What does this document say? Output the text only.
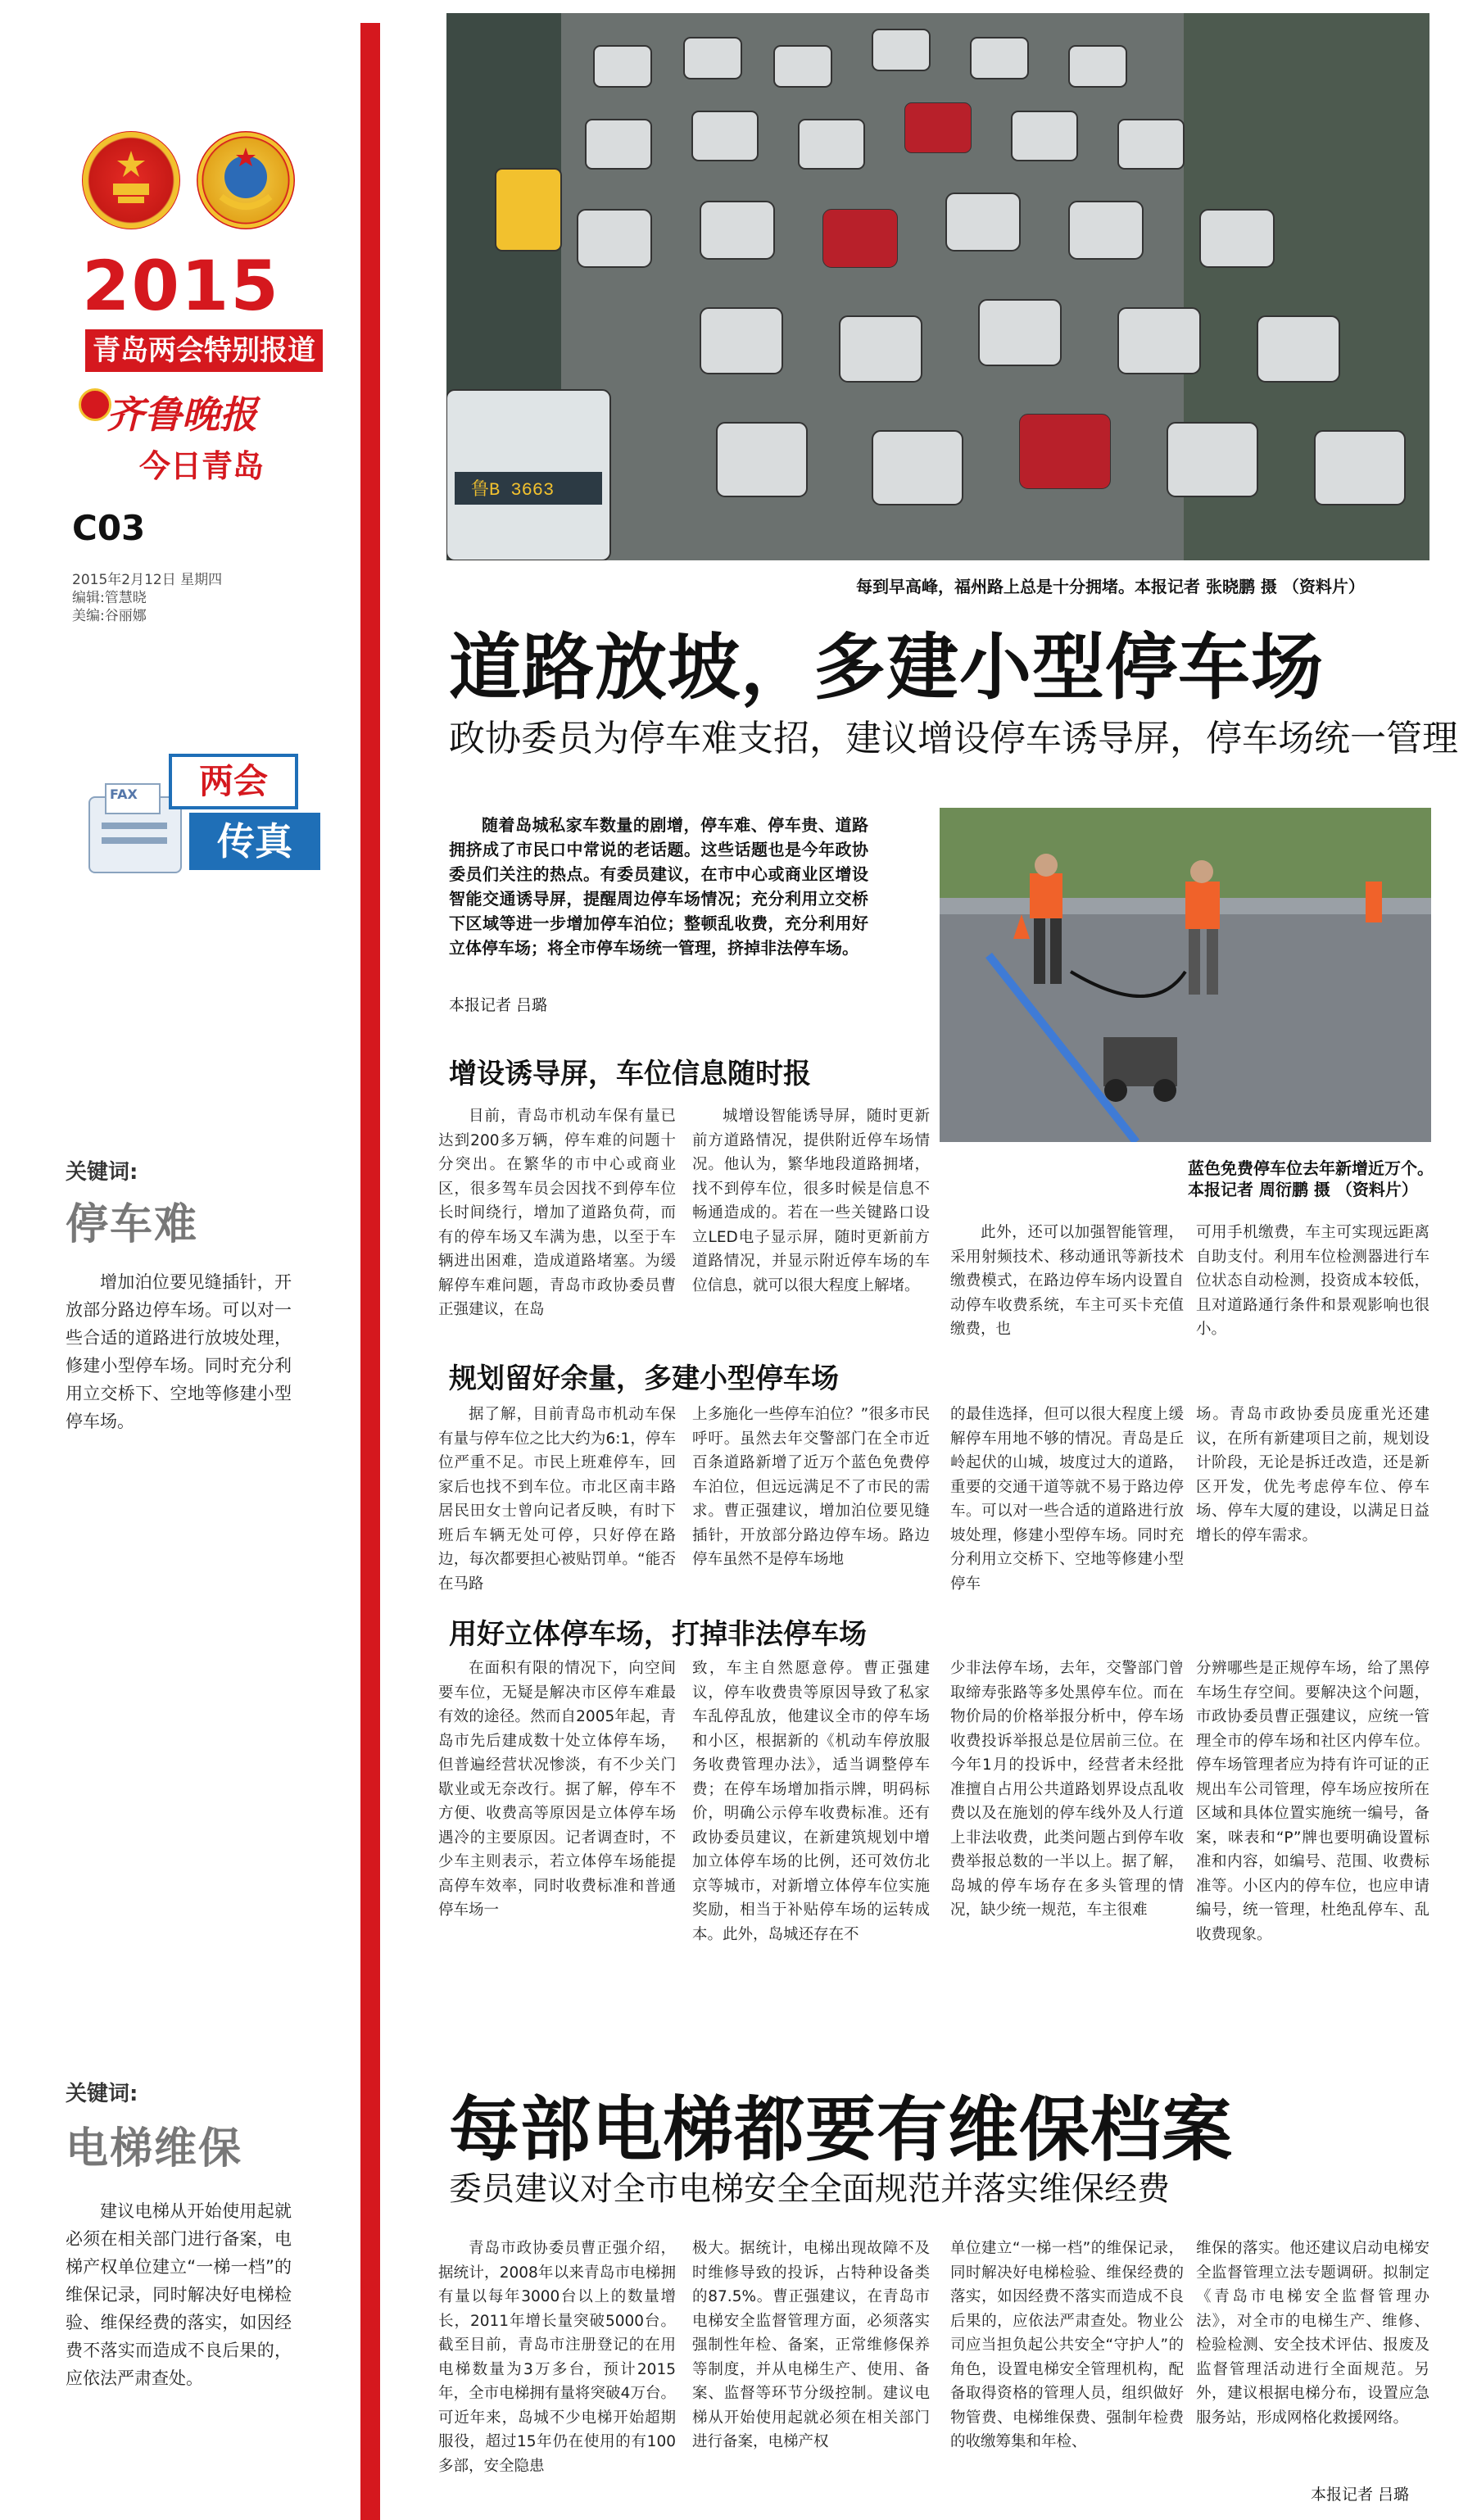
2015
青岛两会特别报道
齐鲁晚报
今日青岛
C03
2015年2月12日 星期四
编辑:管慧晓
美编:谷丽娜
FAX	两会
传真
关键词:
停车难
增加泊位要见缝插针，开放部分路边停车场。可以对一些合适的道路进行放坡处理，修建小型停车场。同时充分利用立交桥下、空地等修建小型停车场。
关键词:
电梯维保
建议电梯从开始使用起就必须在相关部门进行备案，电梯产权单位建立“一梯一档”的维保记录，同时解决好电梯检验、维保经费的落实，如因经费不落实而造成不良后果的，应依法严肃查处。
鲁B 3663
每到早高峰，福州路上总是十分拥堵。本报记者 张晓鹏 摄 （资料片）
道路放坡，多建小型停车场
政协委员为停车难支招，建议增设停车诱导屏，停车场统一管理
随着岛城私家车数量的剧增，停车难、停车贵、道路拥挤成了市民口中常说的老话题。这些话题也是今年政协委员们关注的热点。有委员建议，在市中心或商业区增设智能交通诱导屏，提醒周边停车场情况；充分利用立交桥下区域等进一步增加停车泊位；整顿乱收费，充分利用好立体停车场；将全市停车场统一管理，挤掉非法停车场。
本报记者 吕璐
蓝色免费停车位去年新增近万个。
本报记者 周衍鹏 摄 （资料片）
增设诱导屏，车位信息随时报

目前，青岛市机动车保有量已达到200多万辆，停车难的问题十分突出。在繁华的市中心或商业区，很多驾车员会因找不到停车位长时间绕行，增加了道路负荷，而有的停车场又车满为患，以至于车辆进出困难，造成道路堵塞。为缓解停车难问题，青岛市政协委员曹正强建议，在岛

城增设智能诱导屏，随时更新前方道路情况，提供附近停车场情况。他认为，繁华地段道路拥堵，找不到停车位，很多时候是信息不畅通造成的。若在一些关键路口设立LED电子显示屏，随时更新前方道路情况，并显示附近停车场的车位信息，就可以很大程度上解堵。

此外，还可以加强智能管理，采用射频技术、移动通讯等新技术缴费模式，在路边停车场内设置自动停车收费系统，车主可买卡充值缴费，也

可用手机缴费，车主可实现远距离自助支付。利用车位检测器进行车位状态自动检测，投资成本较低，且对道路通行条件和景观影响也很小。

规划留好余量，多建小型停车场

据了解，目前青岛市机动车保有量与停车位之比大约为6:1，停车位严重不足。市民上班难停车，回家后也找不到车位。市北区南丰路居民田女士曾向记者反映，有时下班后车辆无处可停，只好停在路边，每次都要担心被贴罚单。“能否在马路

上多施化一些停车泊位？”很多市民呼吁。虽然去年交警部门在全市近百条道路新增了近万个蓝色免费停车泊位，但远远满足不了市民的需求。曹正强建议，增加泊位要见缝插针，开放部分路边停车场。路边停车虽然不是停车场地

的最佳选择，但可以很大程度上缓解停车用地不够的情况。青岛是丘岭起伏的山城，坡度过大的道路，重要的交通干道等就不易于路边停车。可以对一些合适的道路进行放坡处理，修建小型停车场。同时充分利用立交桥下、空地等修建小型停车

场。青岛市政协委员庞重光还建议，在所有新建项目之前，规划设计阶段，无论是拆迁改造，还是新区开发，优先考虑停车位、停车场、停车大厦的建设，以满足日益增长的停车需求。

用好立体停车场，打掉非法停车场

在面积有限的情况下，向空间要车位，无疑是解决市区停车难最有效的途径。然而自2005年起，青岛市先后建成数十处立体停车场，但普遍经营状况惨淡，有不少关门歇业或无奈改行。据了解，停车不方便、收费高等原因是立体停车场遇冷的主要原因。记者调查时，不少车主则表示，若立体停车场能提高停车效率，同时收费标准和普通停车场一

致，车主自然愿意停。曹正强建议，停车收费贵等原因导致了私家车乱停乱放，他建议全市的停车场和小区，根据新的《机动车停放服务收费管理办法》，适当调整停车费；在停车场增加指示牌，明码标价，明确公示停车收费标准。还有政协委员建议，在新建筑规划中增加立体停车场的比例，还可效仿北京等城市，对新增立体停车位实施奖励，相当于补贴停车场的运转成本。此外，岛城还存在不

少非法停车场，去年，交警部门曾取缔寿张路等多处黑停车位。而在物价局的价格举报分析中，停车场收费投诉举报总是位居前三位。在今年1月的投诉中，经营者未经批准擅自占用公共道路划界设点乱收费以及在施划的停车线外及人行道上非法收费，此类问题占到停车收费举报总数的一半以上。据了解，岛城的停车场存在多头管理的情况，缺少统一规范，车主很难

分辨哪些是正规停车场，给了黑停车场生存空间。要解决这个问题，市政协委员曹正强建议，应统一管理全市的停车场和社区内停车位。停车场管理者应为持有许可证的正规出车公司管理，停车场应按所在区域和具体位置实施统一编号，备案，咪表和“P”牌也要明确设置标准和内容，如编号、范围、收费标准等。小区内的停车位，也应申请编号，统一管理，杜绝乱停车、乱收费现象。

每部电梯都要有维保档案
委员建议对全市电梯安全全面规范并落实维保经费

青岛市政协委员曹正强介绍，据统计，2008年以来青岛市电梯拥有量以每年3000台以上的数量增长，2011年增长量突破5000台。截至目前，青岛市注册登记的在用电梯数量为3万多台，预计2015年，全市电梯拥有量将突破4万台。可近年来，岛城不少电梯开始超期服役，超过15年仍在使用的有100多部，安全隐患

极大。据统计，电梯出现故障不及时维修导致的投诉，占特种设备类的87.5%。曹正强建议，在青岛市电梯安全监督管理方面，必须落实强制性年检、备案，正常维修保养等制度，并从电梯生产、使用、备案、监督等环节分级控制。建议电梯从开始使用起就必须在相关部门进行备案，电梯产权

单位建立“一梯一档”的维保记录，同时解决好电梯检验、维保经费的落实，如因经费不落实而造成不良后果的，应依法严肃查处。物业公司应当担负起公共安全“守护人”的角色，设置电梯安全管理机构，配备取得资格的管理人员，组织做好物管费、电梯维保费、强制年检费的收缴筹集和年检、

维保的落实。他还建议启动电梯安全监督管理立法专题调研。拟制定《青岛市电梯安全监督管理办法》，对全市的电梯生产、维修、检验检测、安全技术评估、报废及监督管理活动进行全面规范。另外，建议根据电梯分布，设置应急服务站，形成网格化救援网络。

本报记者 吕璐
